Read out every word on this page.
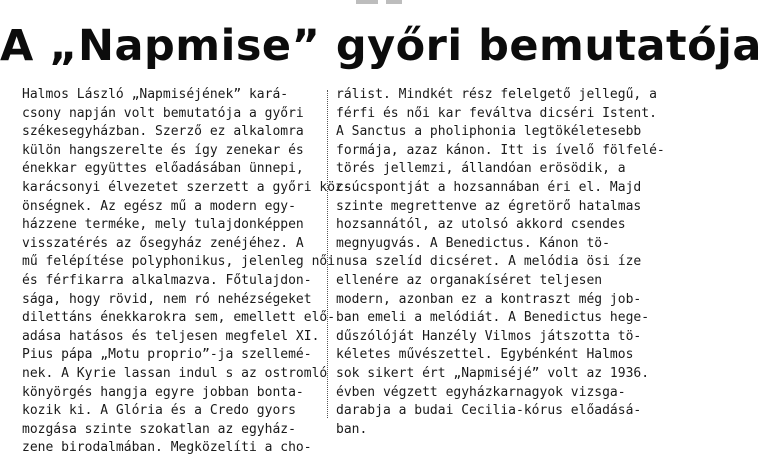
A „Napmise” győri bemutatója
Halmos László „Napmiséjének” kará-
csony napján volt bemutatója a győri
székesegyházban. Szerző ez alkalomra
külön hangszerelte és így zenekar és
énekkar együttes előadásában ünnepi,
karácsonyi élvezetet szerzett a győri köz-
önségnek. Az egész mű a modern egy-
házzene terméke, mely tulajdonképpen
visszatérés az ősegyház zenéjéhez. A
mű felépítése polyphonikus, jelenleg női
és férfikarra alkalmazva. Főtulajdon-
sága, hogy rövid, nem ró nehézségeket
dilettáns énekkarokra sem, emellett elő-
adása hatásos és teljesen megfelel XI.
Pius pápa „Motu proprio”-ja szellemé-
nek. A Kyrie lassan indul s az ostromló
könyörgés hangja egyre jobban bonta-
kozik ki. A Glória és a Credo gyors
mozgása szinte szokatlan az egyház-
zene birodalmában. Megközelíti a cho-
rálist. Mindkét rész felelgető jellegű, a
férfi és női kar feváltva dicséri Istent.
A Sanctus a pholiphonia legtökéletesebb
formája, azaz kánon. Itt is ívelő fölfelé-
törés jellemzi, állandóan erösödik, a
csúcspontját a hozsannában éri el. Majd
szinte megrettenve az égretörő hatalmas
hozsannától, az utolsó akkord csendes
megnyugvás. A Benedictus. Kánon tö-
nusa szelíd dicséret. A melódia ösi íze
ellenére az organakíséret teljesen
modern, azonban ez a kontraszt még job-
ban emeli a melódiát. A Benedictus hege-
dűszólóját Hanzély Vilmos játszotta tö-
kéletes művészettel. Egybénként Halmos
sok sikert ért „Napmiséjé” volt az 1936.
évben végzett egyházkarnagyok vizsga-
darabja a budai Cecilia-kórus előadásá-
ban.
